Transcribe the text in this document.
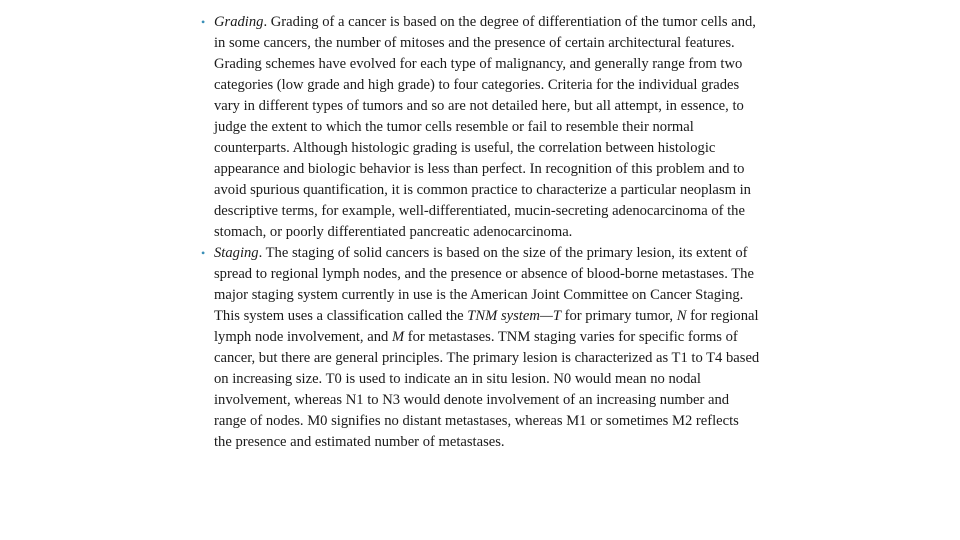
• Grading. Grading of a cancer is based on the degree of differentiation of the tumor cells and, in some cancers, the number of mitoses and the presence of certain architectural features. Grading schemes have evolved for each type of malignancy, and generally range from two categories (low grade and high grade) to four categories. Criteria for the individual grades vary in different types of tumors and so are not detailed here, but all attempt, in essence, to judge the extent to which the tumor cells resemble or fail to resemble their normal counterparts. Although histologic grading is useful, the correlation between histologic appearance and biologic behavior is less than perfect. In recognition of this problem and to avoid spurious quantification, it is common practice to characterize a particular neoplasm in descriptive terms, for example, well-differentiated, mucin-secreting adenocarcinoma of the stomach, or poorly differentiated pancreatic adenocarcinoma.
• Staging. The staging of solid cancers is based on the size of the primary lesion, its extent of spread to regional lymph nodes, and the presence or absence of blood-borne metastases. The major staging system currently in use is the American Joint Committee on Cancer Staging. This system uses a classification called the TNM system—T for primary tumor, N for regional lymph node involvement, and M for metastases. TNM staging varies for specific forms of cancer, but there are general principles. The primary lesion is characterized as T1 to T4 based on increasing size. T0 is used to indicate an in situ lesion. N0 would mean no nodal involvement, whereas N1 to N3 would denote involvement of an increasing number and range of nodes. M0 signifies no distant metastases, whereas M1 or sometimes M2 reflects the presence and estimated number of metastases.
